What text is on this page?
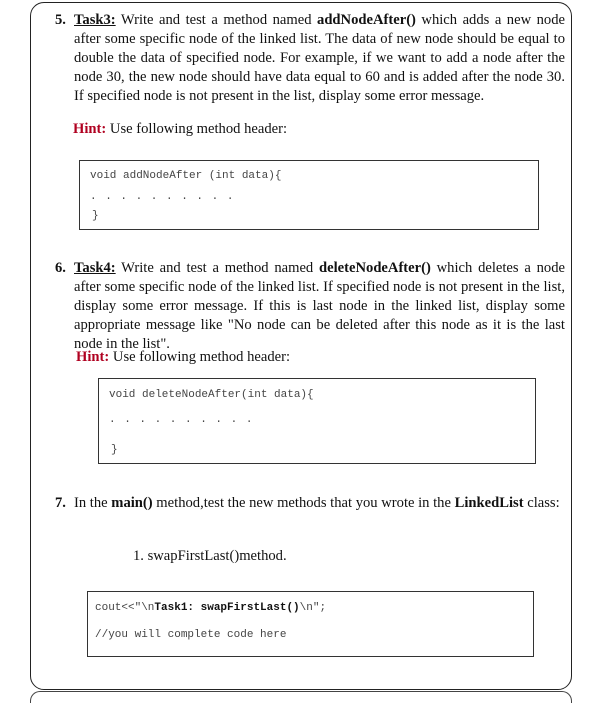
5. Task3: Write and test a method named addNodeAfter() which adds a new node after some specific node of the linked list. The data of new node should be equal to double the data of specified node. For example, if we want to add a node after the node 30, the new node should have data equal to 60 and is added after the node 30. If specified node is not present in the list, display some error message.
Hint: Use following method header:
void addNodeAfter (int data){
. . . . . . . . . .
}
6. Task4: Write and test a method named deleteNodeAfter() which deletes a node after some specific node of the linked list. If specified node is not present in the list, display some error message. If this is last node in the linked list, display some appropriate message like "No node can be deleted after this node as it is the last node in the list".
Hint: Use following method header:
void deleteNodeAfter(int data){
. . . . . . . . . .
}
7. In the main() method,test the new methods that you wrote in the LinkedList class:
1. swapFirstLast()method.
cout<<"\nTask1: swapFirstLast()\n";
//you will complete code here
